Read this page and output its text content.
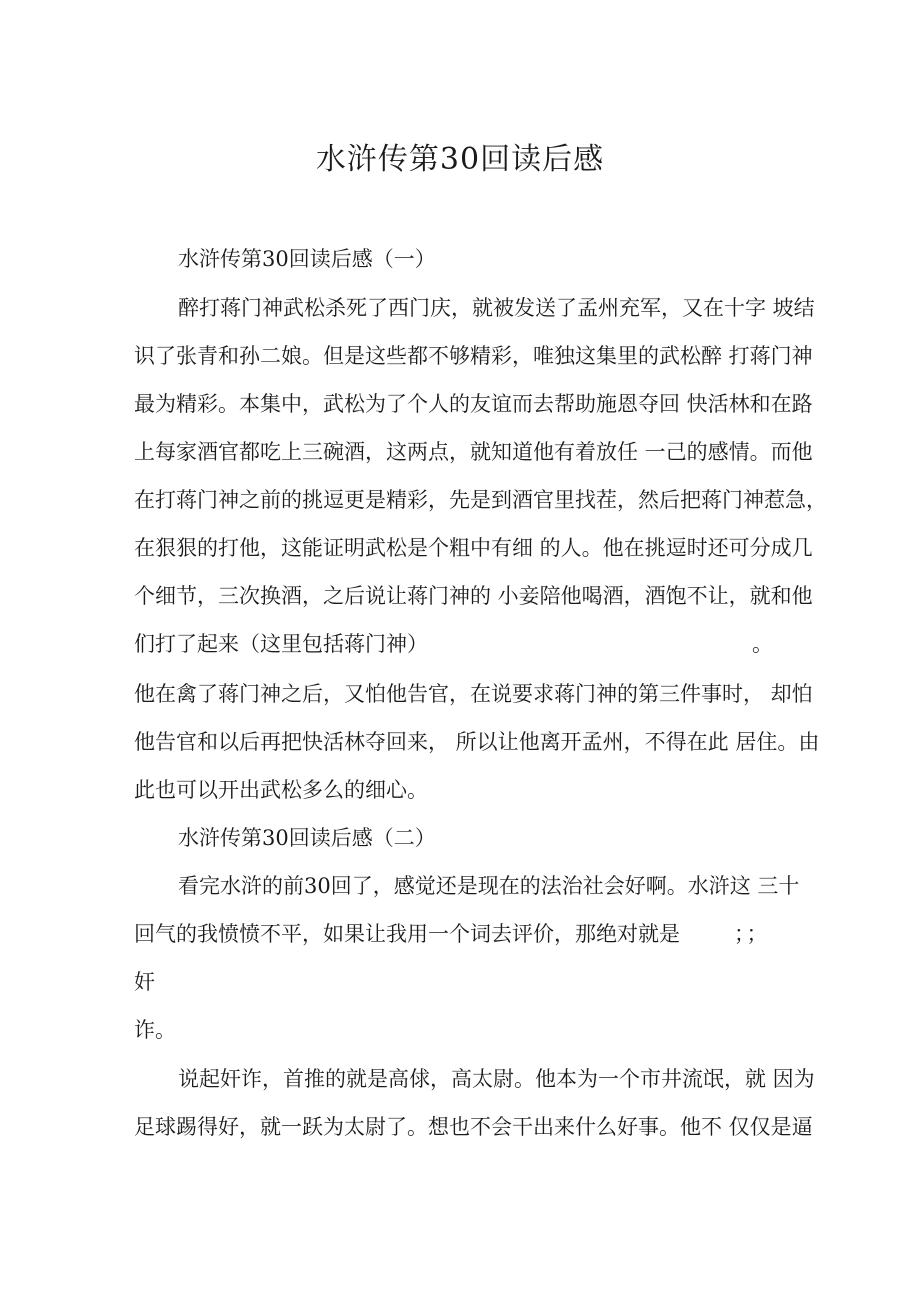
水浒传第30回读后感

水浒传第30回读后感（一）

醉打蒋门神武松杀死了西门庆，就被发送了孟州充军，又在十字 坡结

识了张青和孙二娘。但是这些都不够精彩，唯独这集里的武松醉 打蒋门神

最为精彩。本集中，武松为了个人的友谊而去帮助施恩夺回 快活林和在路

上每家酒官都吃上三碗酒，这两点，就知道他有着放任 一己的感情。而他

在打蒋门神之前的挑逗更是精彩，先是到酒官里找茬，然后把蒋门神惹急，

在狠狠的打他，这能证明武松是个粗中有细 的人。他在挑逗时还可分成几

个细节，三次换酒，之后说让蒋门神的 小妾陪他喝酒，酒饱不让，就和他

们打了起来（这里包括蒋门神）	。

他在禽了蒋门神之后，又怕他告官，在说要求蒋门神的第三件事时， 却怕

他告官和以后再把快活林夺回来， 所以让他离开孟州，不得在此 居住。由

此也可以开出武松多么的细心。

水浒传第30回读后感（二）

看完水浒的前30回了，感觉还是现在的法治社会好啊。水浒这 三十

回气的我愤愤不平，如果让我用一个词去评价，那绝对就是	；；

奸

诈。

说起奸诈，首推的就是高俅，高太尉。他本为一个市井流氓，就 因为

足球踢得好，就一跃为太尉了。想也不会干出来什么好事。他不 仅仅是逼
